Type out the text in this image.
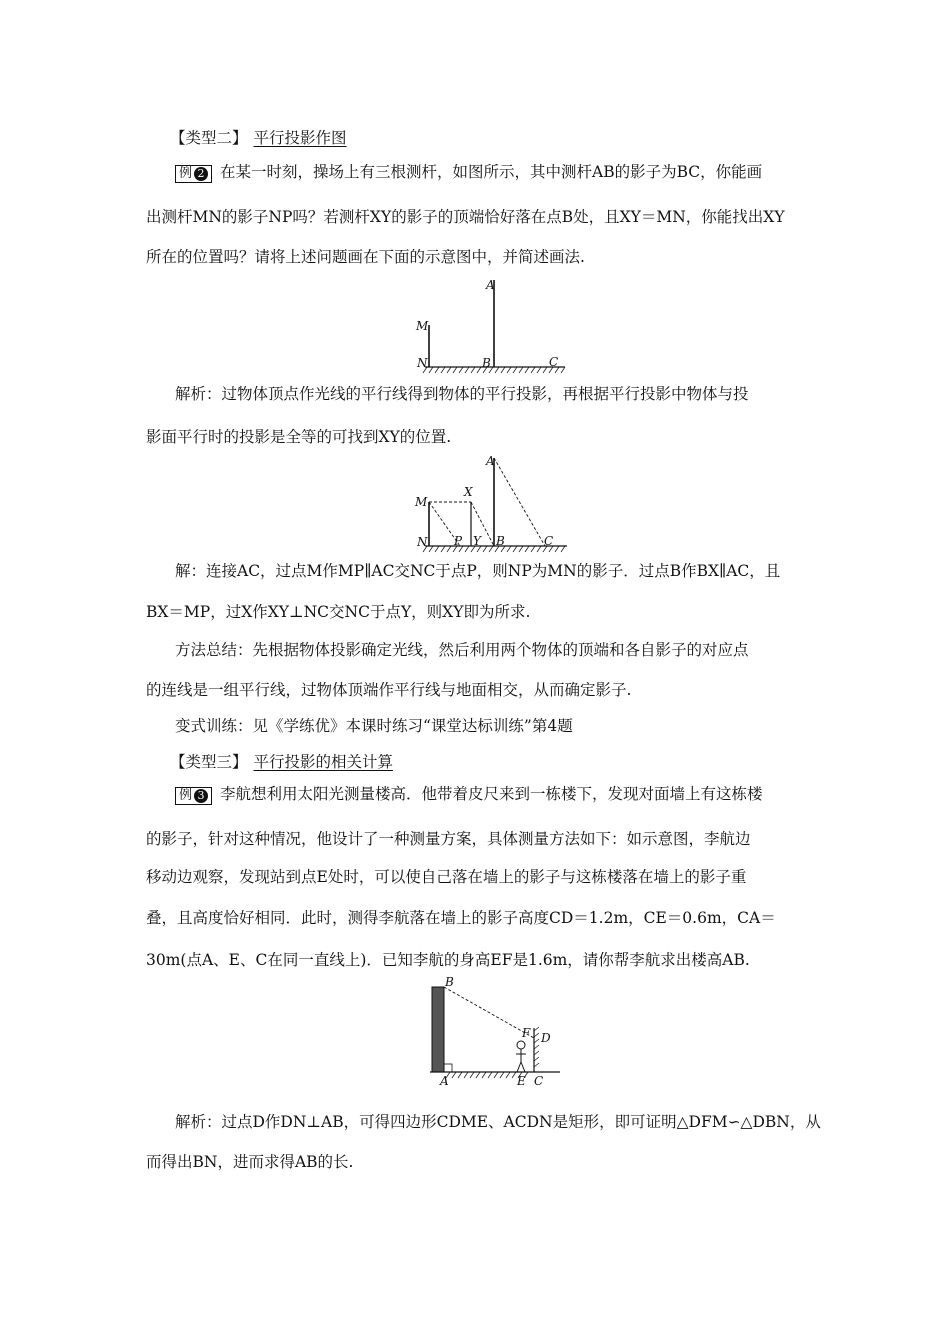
【类型二】 平行投影作图
例 2 在某一时刻，操场上有三根测杆，如图所示，其中测杆AB的影子为BC，你能画
出测杆MN的影子NP吗？若测杆XY的影子的顶端恰好落在点B处，且XY＝MN，你能找出XY
所在的位置吗？请将上述问题画在下面的示意图中，并简述画法.
A
M
N	B	C
解析：过物体顶点作光线的平行线得到物体的平行投影，再根据平行投影中物体与投
影面平行时的投影是全等的可找到XY的位置.
A
M
X
N P Y B	C
解：连接AC，过点M作MP∥AC交NC于点P，则NP为MN的影子．过点B作BX∥AC，且
BX＝MP，过X作XY⊥NC交NC于点Y，则XY即为所求.
方法总结：先根据物体投影确定光线，然后利用两个物体的顶端和各自影子的对应点
的连线是一组平行线，过物体顶端作平行线与地面相交，从而确定影子.
变式训练：见《学练优》本课时练习“课堂达标训练”第4题
【类型三】 平行投影的相关计算
例 3 李航想利用太阳光测量楼高．他带着皮尺来到一栋楼下，发现对面墙上有这栋楼
的影子，针对这种情况，他设计了一种测量方案，具体测量方法如下：如示意图，李航边
移动边观察，发现站到点E处时，可以使自己落在墙上的影子与这栋楼落在墙上的影子重
叠，且高度恰好相同．此时，测得李航落在墙上的影子高度CD＝1.2m，CE＝0.6m，CA＝
30m(点A、E、C在同一直线上)．已知李航的身高EF是1.6m，请你帮李航求出楼高AB.
B
F D
A	E C
解析：过点D作DN⊥AB，可得四边形CDME、ACDN是矩形，即可证明△DFM∽△DBN，从
而得出BN，进而求得AB的长.
